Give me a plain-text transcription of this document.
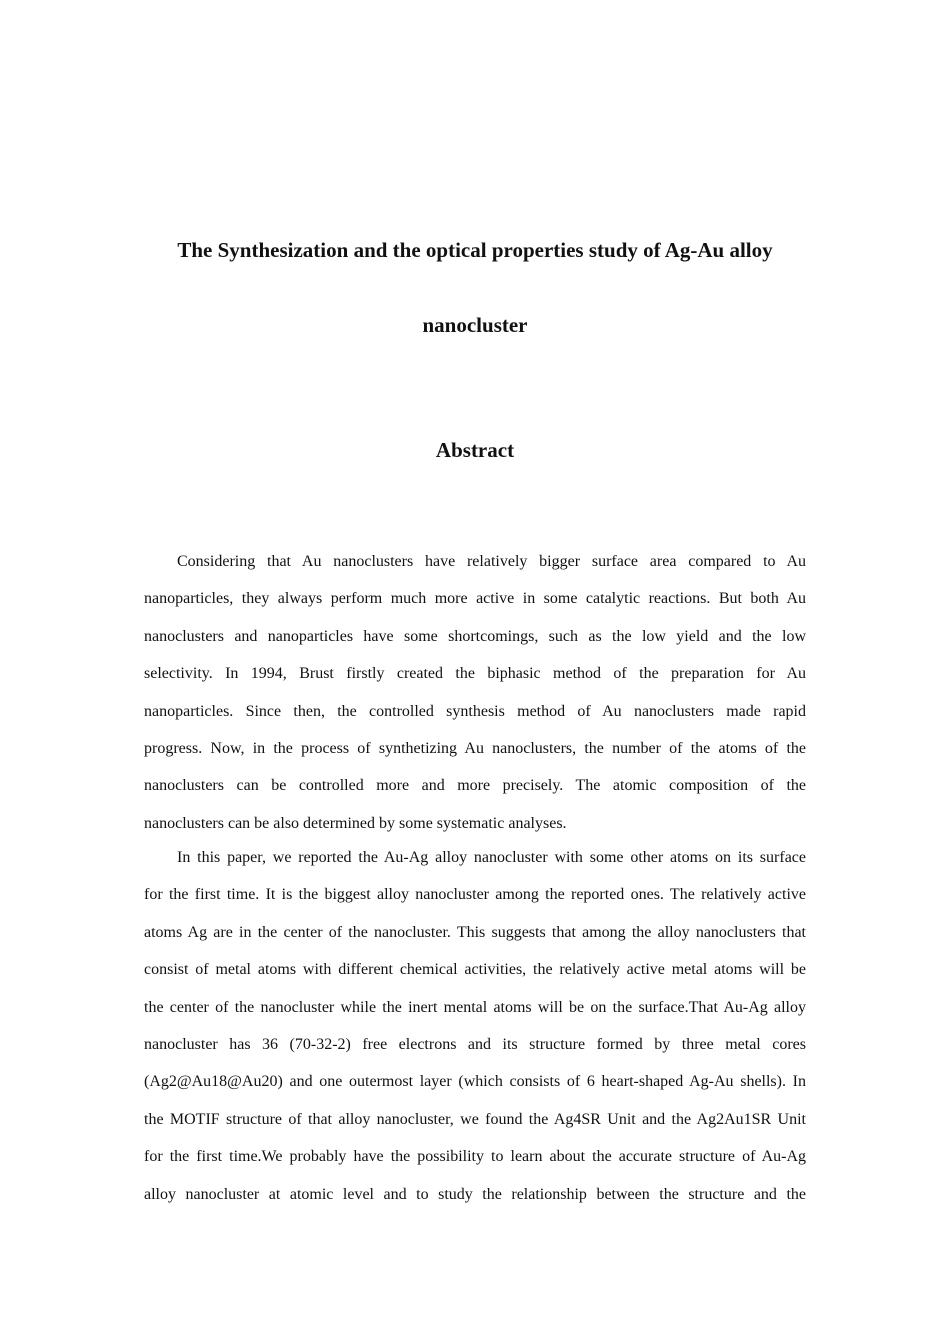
The Synthesization and the optical properties study of Ag-Au alloy
nanocluster
Abstract
Considering that Au nanoclusters have relatively bigger surface area compared to Au
nanoparticles, they always perform much more active in some catalytic reactions. But both Au
nanoclusters and nanoparticles have some shortcomings, such as the low yield and the low
selectivity. In 1994, Brust firstly created the biphasic method of the preparation for Au
nanoparticles. Since then, the controlled synthesis method of Au nanoclusters made rapid
progress. Now, in the process of synthetizing Au nanoclusters, the number of the atoms of the
nanoclusters can be controlled more and more precisely. The atomic composition of the
nanoclusters can be also determined by some systematic analyses.
In this paper, we reported the Au-Ag alloy nanocluster with some other atoms on its surface
for the first time. It is the biggest alloy nanocluster among the reported ones. The relatively active
atoms Ag are in the center of the nanocluster. This suggests that among the alloy nanoclusters that
consist of metal atoms with different chemical activities, the relatively active metal atoms will be
the center of the nanocluster while the inert mental atoms will be on the surface.That Au-Ag alloy
nanocluster has 36 (70-32-2) free electrons and its structure formed by three metal cores
(Ag2@Au18@Au20) and one outermost layer (which consists of 6 heart-shaped Ag-Au shells). In
the MOTIF structure of that alloy nanocluster, we found the Ag4SR Unit and the Ag2Au1SR Unit
for the first time.We probably have the possibility to learn about the accurate structure of Au-Ag
alloy nanocluster at atomic level and to study the relationship between the structure and the
